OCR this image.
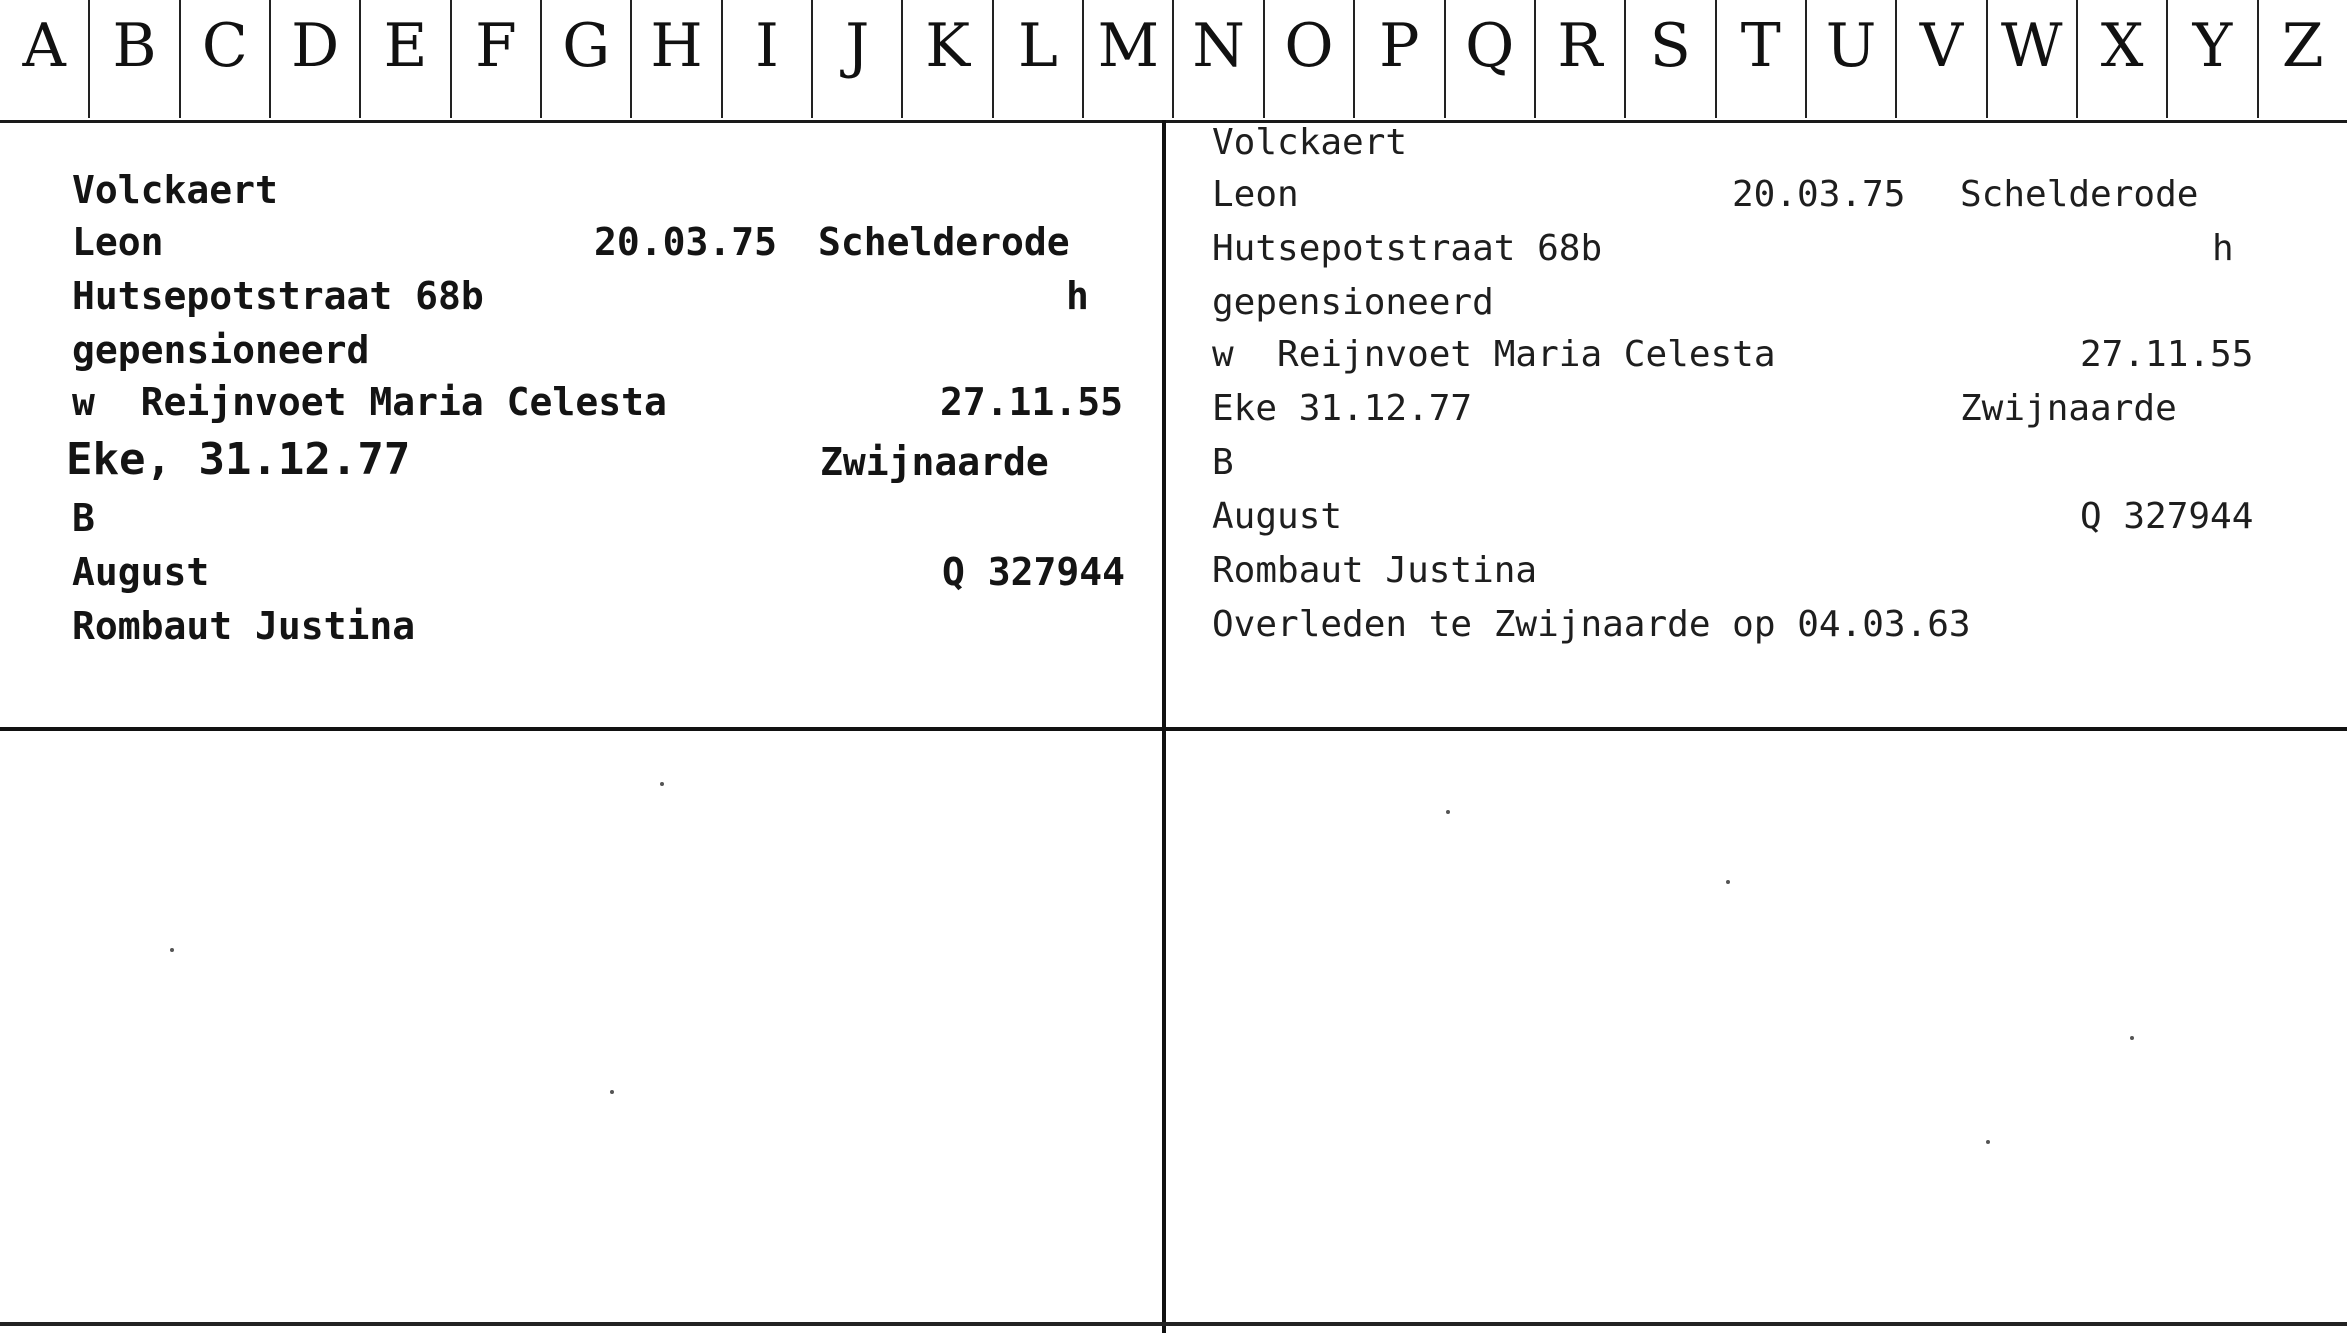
A B C D E F G H I	J K L M N O P Q R S T U V W X Y Z

Volckaert

Leon

	20.03.75

Schelderode

Hutsepotstraat 68b

	h

gepensioneerd

w  Reijnvoet Maria Celesta

	27.11.55

Eke, 31.12.77

	Zwijnaarde

B

August

	Q 327944

Rombaut Justina

Volckaert

Leon

	20.03.75

Schelderode

Hutsepotstraat 68b

	h

gepensioneerd

w  Reijnvoet Maria Celesta

	27.11.55

Eke 31.12.77

	Zwijnaarde

B

August

	Q 327944

Rombaut Justina

Overleden te Zwijnaarde op 04.03.63
